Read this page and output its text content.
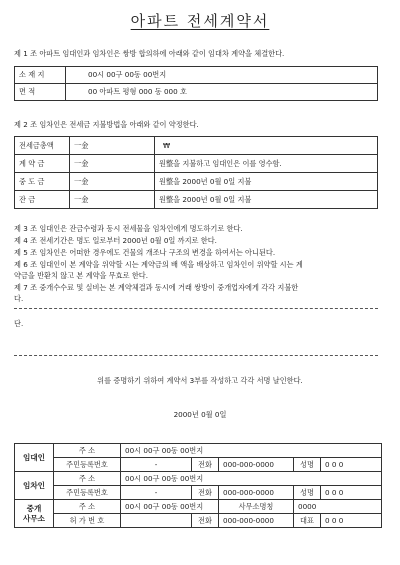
아파트 전세계약서
제 1 조 아파트 임대인과 임차인은 쌍방 합의하에 아래와 같이 임대차 계약을 체결한다.
소 재 지	00시 00구 00동 00번지
면 적	00 아파트 평형 000 동 000 호
제 2 조 임차인은 전세금 지불방법을 아래와 같이 약정한다.
전세금총액	一金	₩
계 약 금	一金	원整을 지불하고 임대인은 이를 영수함.
중 도 금	一金	원整을 2000년 0월 0일 지불
잔 금	一金	원整을 2000년 0월 0일 지불
제 3 조 임대인은 잔금수령과 동시 전세물을 임차인에게 명도하기로 한다.
제 4 조 전세기간은 명도 일로부터 2000년 0월 0일 까지로 한다.
제 5 조 임차인은 어떠한 경우에도 건물의 개조나 구조의 변경을 하여서는 아니된다.
제 6 조 임대인이 본 계약을 위약할 시는 계약금의 배 액을 배상하고 임차인이 위약할 시는 계
약금을 반환치 않고 본 계약을 무효로 한다.
제 7 조 중개수수료 및 실비는 본 계약체결과 동시에 거래 쌍방이 중개업자에게 각각 지불한
다.
단.
위를 증명하기 위하여 계약서 3부를 작성하고 각각 서명 날인한다.
2000년 0월 0일
임대인	주 소	00시 00구 00동 00번지				
	주민등록번호	-	전화	000-000-0000	성명	0 0 0
임차인	주 소	00시 00구 00동 00번지				
	주민등록번호	-	전화	000-000-0000	성명	0 0 0
중개
사무소	주 소	00시 00구 00동 00번지		사무소명칭	0000	
	허 가 번 호		전화	000-000-0000	대표	0 0 0
